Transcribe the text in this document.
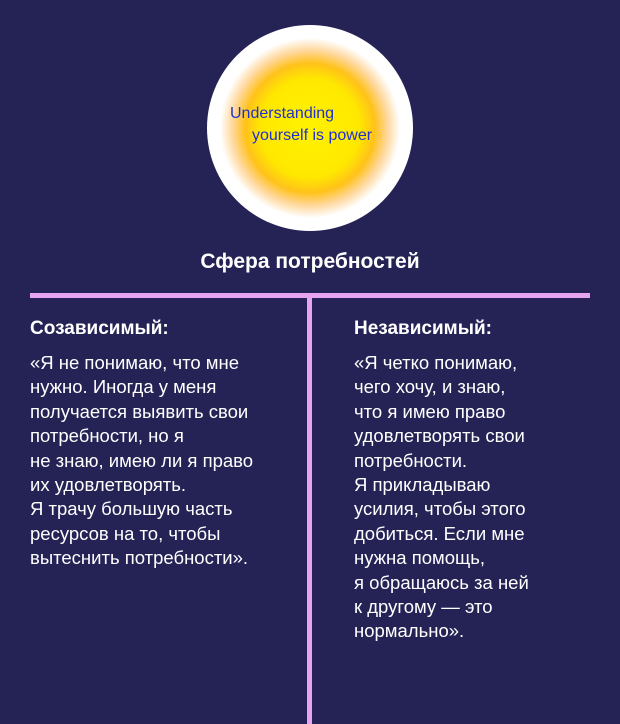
Understanding
yourself is power
Сфера потребностей
Созависимый:
«Я не понимаю, что мне
нужно. Иногда у меня
получается выявить свои
потребности, но я
не знаю, имею ли я право
их удовлетворять.
Я трачу большую часть
ресурсов на то, чтобы
вытеснить потребности».
Независимый:
«Я четко понимаю,
чего хочу, и знаю,
что я имею право
удовлетворять свои
потребности.
Я прикладываю
усилия, чтобы этого
добиться. Если мне
нужна помощь,
я обращаюсь за ней
к другому — это
нормально».
